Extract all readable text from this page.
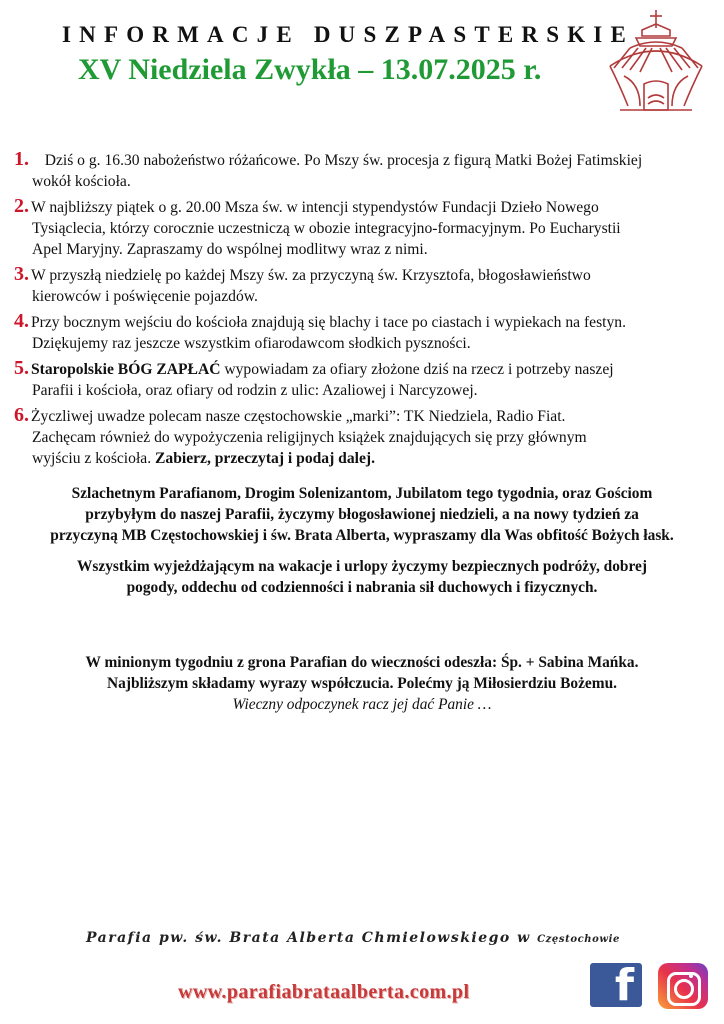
INFORMACJE DUSZPASTERSKIE
XV Niedziela Zwykła – 13.07.2025 r.
1.	Dziś o g. 16.30 nabożeństwo różańcowe. Po Mszy św. procesja z figurą Matki Bożej Fatimskiej

wokół kościoła.

2. W najbliższy piątek o g. 20.00 Msza św. w intencji stypendystów Fundacji Dzieło Nowego

Tysiąclecia, którzy corocznie uczestniczą w obozie integracyjno-formacyjnym. Po Eucharystii

Apel Maryjny. Zapraszamy do wspólnej modlitwy wraz z nimi.

3. W przyszłą niedzielę po każdej Mszy św. za przyczyną św. Krzysztofa, błogosławieństwo

kierowców i poświęcenie pojazdów.

4. Przy bocznym wejściu do kościoła znajdują się blachy i tace po ciastach i wypiekach na festyn.

Dziękujemy raz jeszcze wszystkim ofiarodawcom słodkich pyszności.

5. Staropolskie BÓG ZAPŁAĆ wypowiadam za ofiary złożone dziś na rzecz i potrzeby naszej

Parafii i kościoła, oraz ofiary od rodzin z ulic: Azaliowej i Narcyzowej.

6. Życzliwej uwadze polecam nasze częstochowskie „marki”: TK Niedziela, Radio Fiat.

Zachęcam również do wypożyczenia religijnych książek znajdujących się przy głównym

wyjściu z kościoła. Zabierz, przeczytaj i podaj dalej.

Szlachetnym Parafianom, Drogim Solenizantom, Jubilatom tego tygodnia, oraz Gościom
przybyłym do naszej Parafii, życzymy błogosławionej niedzieli, a na nowy tydzień za
przyczyną MB Częstochowskiej i św. Brata Alberta, wypraszamy dla Was obfitość Bożych łask.
Wszystkim wyjeżdżającym na wakacje i urlopy życzymy bezpiecznych podróży, dobrej
pogody, oddechu od codzienności i nabrania sił duchowych i fizycznych.
W minionym tygodniu z grona Parafian do wieczności odeszła: Śp. + Sabina Mańka.
Najbliższym składamy wyrazy współczucia. Polećmy ją Miłosierdziu Bożemu.
Wieczny odpoczynek racz jej dać Panie …
Parafia pw. św. Brata Alberta Chmielowskiego w Częstochowie
www.parafiabrataalberta.com.pl	f
